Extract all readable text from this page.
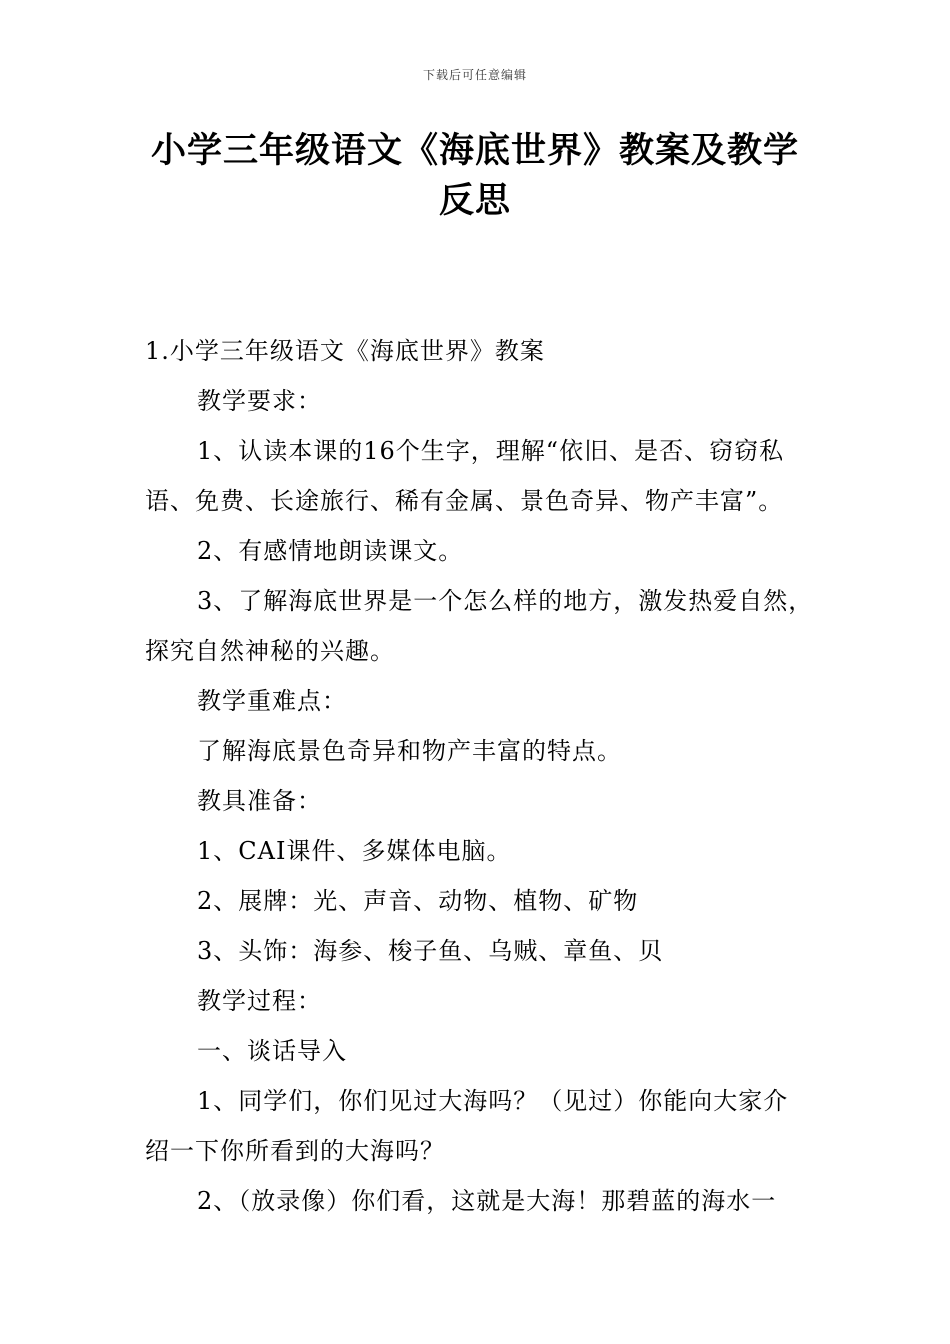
下载后可任意编辑
小学三年级语文《海底世界》教案及教学
反思

1.小学三年级语文《海底世界》教案

教学要求：

1、认读本课的16个生字，理解“依旧、是否、窃窃私

语、免费、长途旅行、稀有金属、景色奇异、物产丰富”。

2、有感情地朗读课文。

3、了解海底世界是一个怎么样的地方，激发热爱自然，

探究自然神秘的兴趣。

教学重难点：

了解海底景色奇异和物产丰富的特点。

教具准备：

1、CAI课件、多媒体电脑。

2、展牌：光、声音、动物、植物、矿物

3、头饰：海参、梭子鱼、乌贼、章鱼、贝

教学过程：

一、谈话导入

1、同学们，你们见过大海吗？（见过）你能向大家介

绍一下你所看到的大海吗？

2、（放录像）你们看，这就是大海！那碧蓝的海水一
